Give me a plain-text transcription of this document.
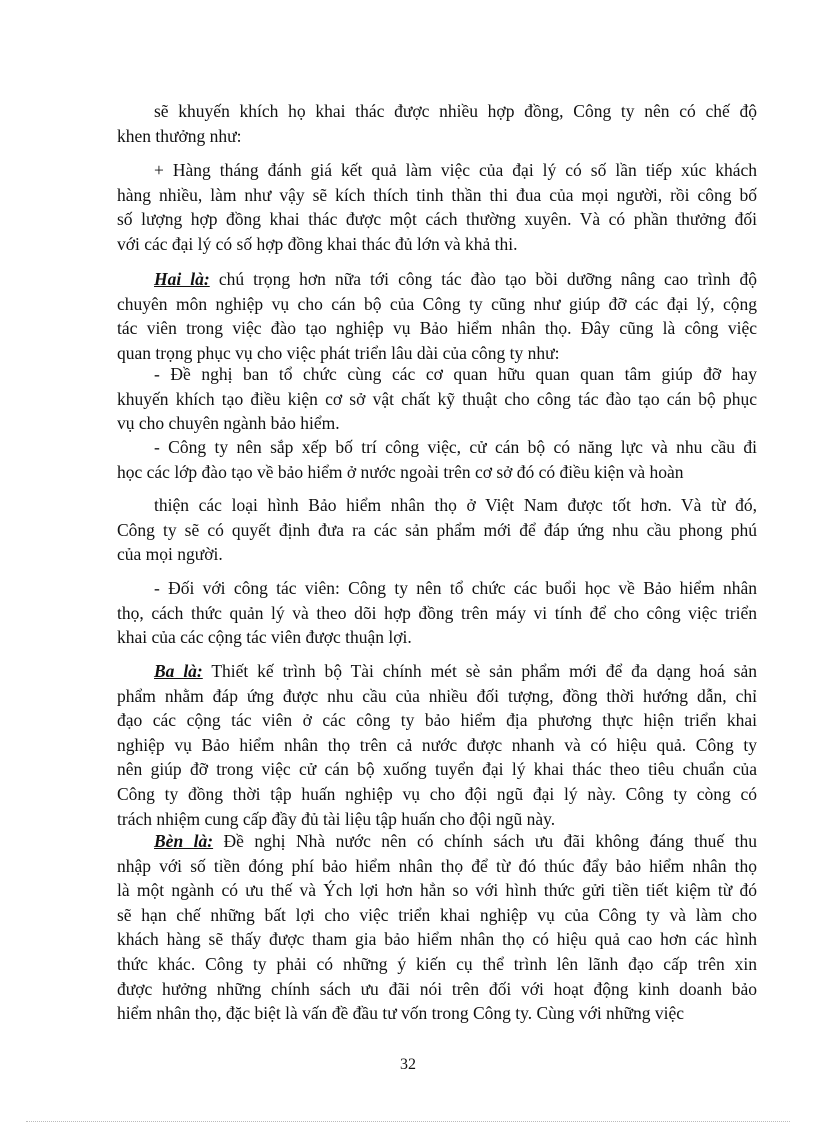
sẽ khuyến khích họ khai thác được nhiều hợp đồng, Công ty nên có chế độ
khen thưởng như:
+ Hàng tháng đánh giá kết quả làm việc của đại lý có số lần tiếp xúc khách
hàng nhiều, làm như vậy sẽ kích thích tinh thần thi đua của mọi người, rồi công bố
số lượng hợp đồng khai thác được một cách thường xuyên. Và có phần thưởng đối
với các đại lý có số hợp đồng khai thác đủ lớn và khả thi.
Hai là: chú trọng hơn nữa tới công tác đào tạo bồi dưỡng nâng cao trình độ
chuyên môn nghiệp vụ cho cán bộ của Công ty cũng như giúp đỡ các đại lý, cộng
tác viên trong việc đào tạo nghiệp vụ Bảo hiểm nhân thọ. Đây cũng là công việc
quan trọng phục vụ cho việc phát triển lâu dài của công ty như:
- Đề nghị ban tổ chức cùng các cơ quan hữu quan quan tâm giúp đỡ hay
khuyến khích tạo điều kiện cơ sở vật chất kỹ thuật cho công tác đào tạo cán bộ phục
vụ cho chuyên ngành bảo hiểm.
- Công ty nên sắp xếp bố trí công việc, cử cán bộ có năng lực và nhu cầu đi
học các lớp đào tạo về bảo hiểm ở nước ngoài trên cơ sở đó có điều kiện và hoàn
thiện các loại hình Bảo hiểm nhân thọ ở Việt Nam được tốt hơn. Và từ đó,
Công ty sẽ có quyết định đưa ra các sản phẩm mới để đáp ứng nhu cầu phong phú
của mọi người.
- Đối với công tác viên: Công ty nên tổ chức các buổi học về Bảo hiểm nhân
thọ, cách thức quản lý và theo dõi hợp đồng trên máy vi tính để cho công việc triển
khai của các cộng tác viên được thuận lợi.
Ba là: Thiết kế trình bộ Tài chính mét sè sản phẩm mới để đa dạng hoá sản
phẩm nhằm đáp ứng được nhu cầu của nhiều đối tượng, đồng thời hướng dẫn, chỉ
đạo các cộng tác viên ở các công ty bảo hiểm địa phương thực hiện triển khai
nghiệp vụ Bảo hiểm nhân thọ trên cả nước được nhanh và có hiệu quả. Công ty
nên giúp đỡ trong việc cử cán bộ xuống tuyển đại lý khai thác theo tiêu chuẩn của
Công ty đồng thời tập huấn nghiệp vụ cho đội ngũ đại lý này. Công ty còng có
trách nhiệm cung cấp đầy đủ tài liệu tập huấn cho đội ngũ này.
Bèn là: Đề nghị Nhà nước nên có chính sách ưu đãi không đáng thuế thu
nhập với số tiền đóng phí bảo hiểm nhân thọ để từ đó thúc đẩy bảo hiểm nhân thọ
là một ngành có ưu thế và Ých lợi hơn hẳn so với hình thức gửi tiền tiết kiệm từ đó
sẽ hạn chế những bất lợi cho việc triển khai nghiệp vụ của Công ty và làm cho
khách hàng sẽ thấy được tham gia bảo hiểm nhân thọ có hiệu quả cao hơn các hình
thức khác. Công ty phải có những ý kiến cụ thể trình lên lãnh đạo cấp trên xin
được hưởng những chính sách ưu đãi nói trên đối với hoạt động kinh doanh bảo
hiểm nhân thọ, đặc biệt là vấn đề đầu tư vốn trong Công ty. Cùng với những việc
32
